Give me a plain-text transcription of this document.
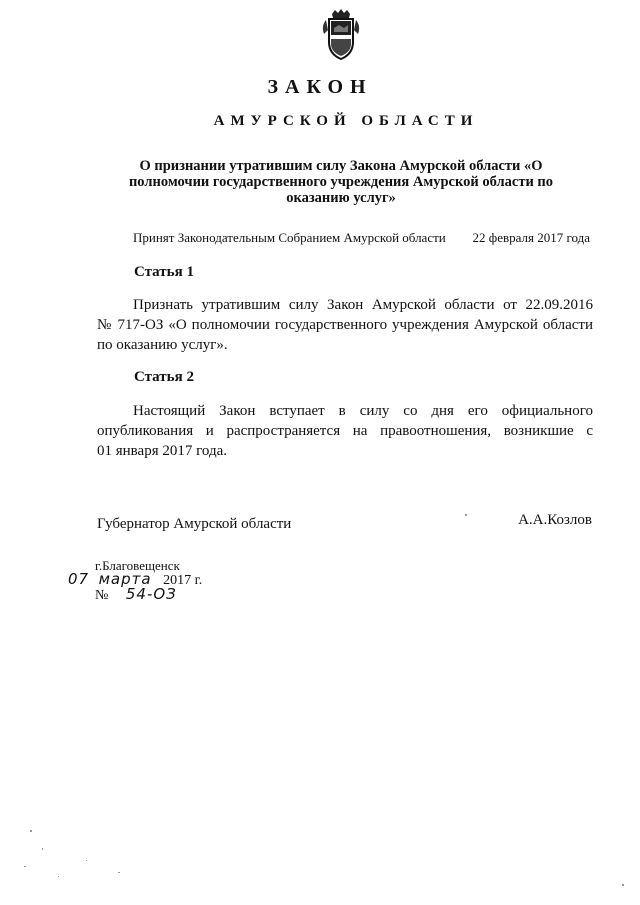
ЗАКОН
АМУРСКОЙ ОБЛАСТИ
О признании утратившим силу Закона Амурской области «О полномочии государственного учреждения Амурской области по оказанию услуг»
Принят Законодательным Собранием Амурской области 22 февраля 2017 года
Статья 1
Признать утратившим силу Закон Амурской области от 22.09.2016
№ 717-ОЗ «О полномочии государственного учреждения Амурской области
по оказанию услуг».
Статья 2
Настоящий Закон вступает в силу со дня его официального
опубликования и распространяется на правоотношения, возникшие с
01 января 2017 года.
Губернатор Амурской области	А.А.Козлов
г.Благовещенск
07 марта 2017 г.
№ 54-ОЗ
